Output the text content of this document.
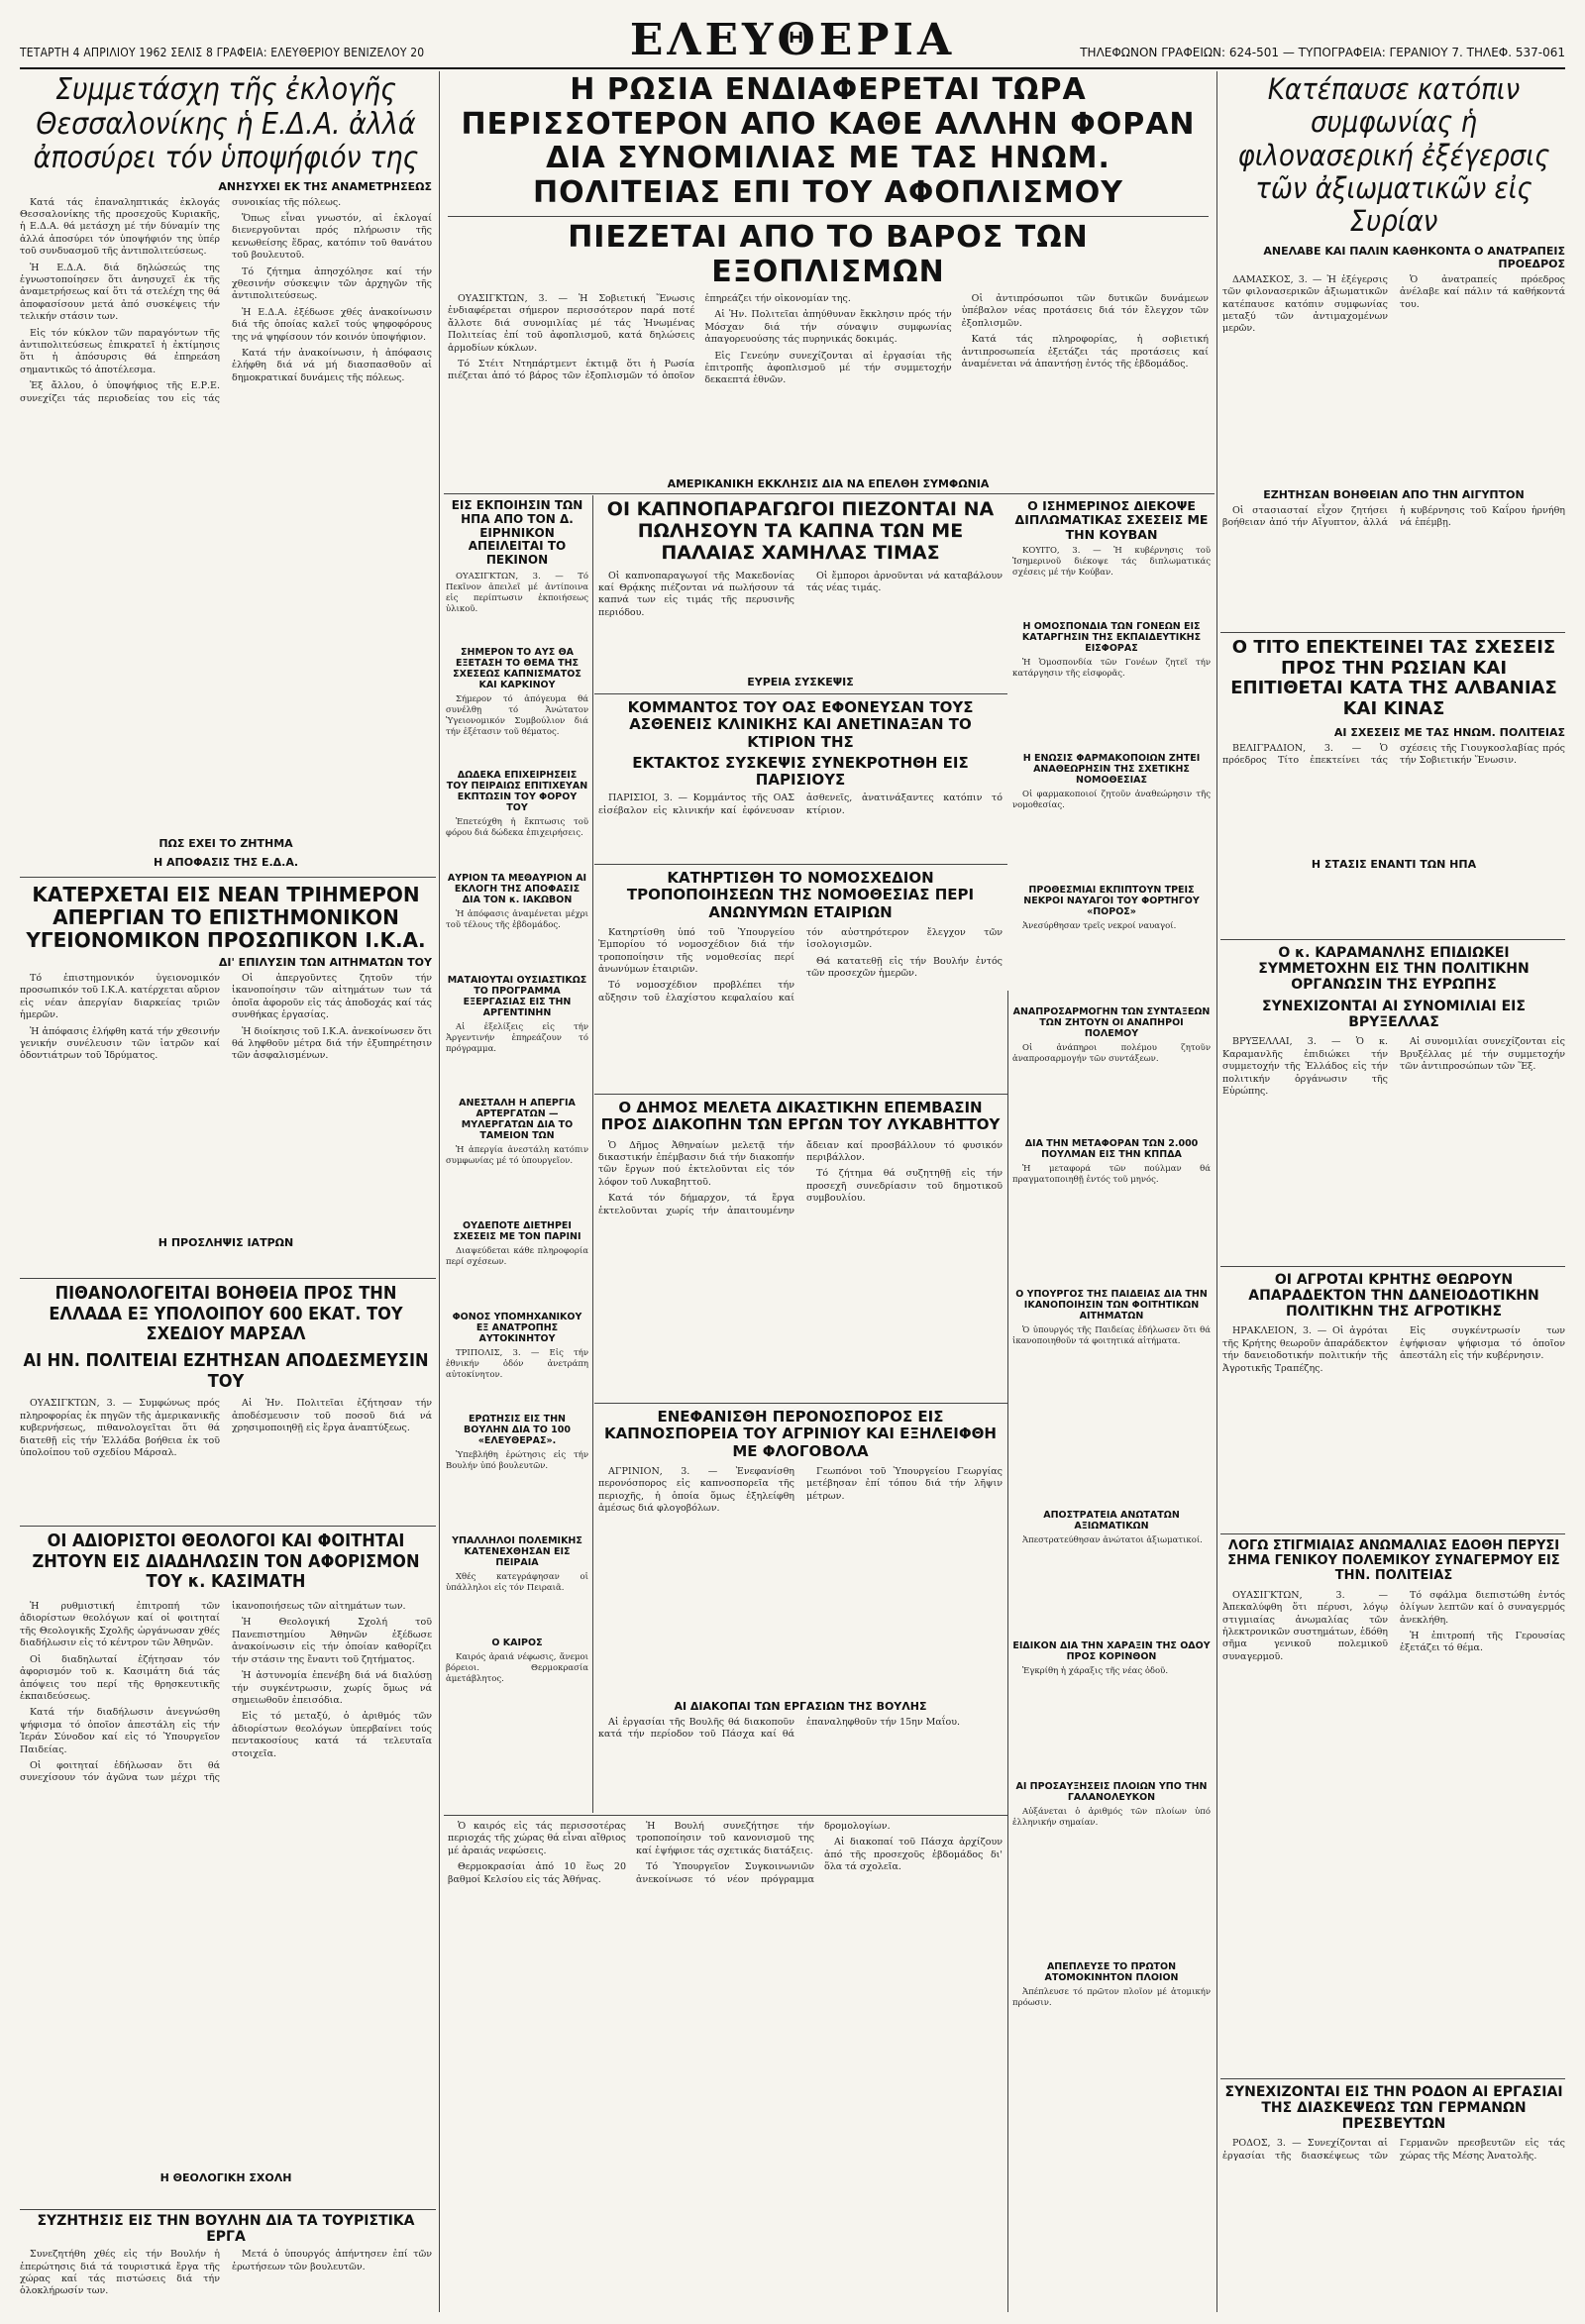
ΤΕΤΑΡΤΗ 4 ΑΠΡΙΛΙΟΥ 1962 ΣΕΛΙΣ 8 ΓΡΑΦΕΙΑ: ΕΛΕΥΘΕΡΙΟΥ ΒΕΝΙΖΕΛΟΥ 20	ΕΛΕΥΘΕΡΙΑ	ΤΗΛΕΦΩΝΟΝ ΓΡΑΦΕΙΩΝ: 624-501 — ΤΥΠΟΓΡΑΦΕΙΑ: ΓΕΡΑΝΙΟΥ 7. ΤΗΛΕΦ. 537-061
Συμμετάσχη τῆς ἐκλογῆς Θεσσαλονίκης ἡ Ε.Δ.Α. ἀλλά ἀποσύρει τόν ὑποψήφιόν της
ΑΝΗΣΥΧΕΙ ΕΚ ΤΗΣ ΑΝΑΜΕΤΡΗΣΕΩΣ

Κατά τάς ἐπαναληπτικάς ἐκλογάς Θεσσαλονίκης τῆς προσεχοῦς Κυριακῆς, ἡ Ε.Δ.Α. θά μετάσχη μέ τήν δύναμίν της ἀλλά ἀποσύρει τόν ὑποψήφιόν της ὑπέρ τοῦ συνδυασμοῦ τῆς ἀντιπολιτεύσεως.

Ἡ Ε.Δ.Α. διά δηλώσεώς της ἐγνωστοποίησεν ὅτι ἀνησυχεῖ ἐκ τῆς ἀναμετρήσεως καί ὅτι τά στελέχη της θά ἀποφασίσουν μετά ἀπό συσκέψεις τήν τελικήν στάσιν των.

Εἰς τόν κύκλον τῶν παραγόντων τῆς ἀντιπολιτεύσεως ἐπικρατεῖ ἡ ἐκτίμησις ὅτι ἡ ἀπόσυρσις θά ἐπηρεάση σημαντικῶς τό ἀποτέλεσμα.

Ἐξ ἄλλου, ὁ ὑποψήφιος τῆς Ε.Ρ.Ε. συνεχίζει τάς περιοδείας του εἰς τάς συνοικίας τῆς πόλεως.

Ὅπως εἶναι γνωστόν, αἱ ἐκλογαί διενεργοῦνται πρός πλήρωσιν τῆς κενωθείσης ἕδρας, κατόπιν τοῦ θανάτου τοῦ βουλευτοῦ.

Τό ζήτημα ἀπησχόλησε καί τήν χθεσινήν σύσκεψιν τῶν ἀρχηγῶν τῆς ἀντιπολιτεύσεως.

Ἡ Ε.Δ.Α. ἐξέδωσε χθές ἀνακοίνωσιν διά τῆς ὁποίας καλεῖ τούς ψηφοφόρους της νά ψηφίσουν τόν κοινόν ὑποψήφιον.

Κατά τήν ἀνακοίνωσιν, ἡ ἀπόφασις ἐλήφθη διά νά μή διασπασθοῦν αἱ δημοκρατικαί δυνάμεις τῆς πόλεως.

ΠΩΣ ΕΧΕΙ ΤΟ ΖΗΤΗΜΑ
Η ΑΠΟΦΑΣΙΣ ΤΗΣ Ε.Δ.Α.
ΚΑΤΕΡΧΕΤΑΙ ΕΙΣ ΝΕΑΝ ΤΡΙΗΜΕΡΟΝ ΑΠΕΡΓΙΑΝ ΤΟ ΕΠΙΣΤΗΜΟΝΙΚΟΝ ΥΓΕΙΟΝΟΜΙΚΟΝ ΠΡΟΣΩΠΙΚΟΝ Ι.Κ.Α.
ΔΙ' ΕΠΙΛΥΣΙΝ ΤΩΝ ΑΙΤΗΜΑΤΩΝ ΤΟΥ

Τό ἐπιστημονικόν ὑγειονομικόν προσωπικόν τοῦ Ι.Κ.Α. κατέρχεται αὔριον εἰς νέαν ἀπεργίαν διαρκείας τριῶν ἡμερῶν.

Ἡ ἀπόφασις ἐλήφθη κατά τήν χθεσινήν γενικήν συνέλευσιν τῶν ἰατρῶν καί ὀδοντιάτρων τοῦ Ἱδρύματος.

Οἱ ἀπεργοῦντες ζητοῦν τήν ἱκανοποίησιν τῶν αἰτημάτων των τά ὁποῖα ἀφοροῦν εἰς τάς ἀποδοχάς καί τάς συνθήκας ἐργασίας.

Ἡ διοίκησις τοῦ Ι.Κ.Α. ἀνεκοίνωσεν ὅτι θά ληφθοῦν μέτρα διά τήν ἐξυπηρέτησιν τῶν ἀσφαλισμένων.

Η ΠΡΟΣΛΗΨΙΣ ΙΑΤΡΩΝ
ΠΙΘΑΝΟΛΟΓΕΙΤΑΙ ΒΟΗΘΕΙΑ ΠΡΟΣ ΤΗΝ ΕΛΛΑΔΑ ΕΞ ΥΠΟΛΟΙΠΟΥ 600 ΕΚΑΤ. ΤΟΥ ΣΧΕΔΙΟΥ ΜΑΡΣΑΛ
ΑΙ ΗΝ. ΠΟΛΙΤΕΙΑΙ ΕΖΗΤΗΣΑΝ ΑΠΟΔΕΣΜΕΥΣΙΝ ΤΟΥ

ΟΥΑΣΙΓΚΤΩΝ, 3. — Συμφώνως πρός πληροφορίας ἐκ πηγῶν τῆς ἀμερικανικῆς κυβερνήσεως, πιθανολογεῖται ὅτι θά διατεθῇ εἰς τήν Ἑλλάδα βοήθεια ἐκ τοῦ ὑπολοίπου τοῦ σχεδίου Μάρσαλ.

Αἱ Ἡν. Πολιτεῖαι ἐζήτησαν τήν ἀποδέσμευσιν τοῦ ποσοῦ διά νά χρησιμοποιηθῇ εἰς ἔργα ἀναπτύξεως.

ΟΙ ΑΔΙΟΡΙΣΤΟΙ ΘΕΟΛΟΓΟΙ ΚΑΙ ΦΟΙΤΗΤΑΙ ΖΗΤΟΥΝ ΕΙΣ ΔΙΑΔΗΛΩΣΙΝ ΤΟΝ ΑΦΟΡΙΣΜΟΝ ΤΟΥ κ. ΚΑΣΙΜΑΤΗ

Ἡ ρυθμιστική ἐπιτροπή τῶν ἀδιορίστων θεολόγων καί οἱ φοιτηταί τῆς Θεολογικῆς Σχολῆς ὠργάνωσαν χθές διαδήλωσιν εἰς τό κέντρον τῶν Ἀθηνῶν.

Οἱ διαδηλωταί ἐζήτησαν τόν ἀφορισμόν τοῦ κ. Κασιμάτη διά τάς ἀπόψεις του περί τῆς θρησκευτικῆς ἐκπαιδεύσεως.

Κατά τήν διαδήλωσιν ἀνεγνώσθη ψήφισμα τό ὁποῖον ἀπεστάλη εἰς τήν Ἱεράν Σύνοδον καί εἰς τό Ὑπουργεῖον Παιδείας.

Οἱ φοιτηταί ἐδήλωσαν ὅτι θά συνεχίσουν τόν ἀγῶνα των μέχρι τῆς ἱκανοποιήσεως τῶν αἰτημάτων των.

Ἡ Θεολογική Σχολή τοῦ Πανεπιστημίου Ἀθηνῶν ἐξέδωσε ἀνακοίνωσιν εἰς τήν ὁποίαν καθορίζει τήν στάσιν της ἔναντι τοῦ ζητήματος.

Ἡ ἀστυνομία ἐπενέβη διά νά διαλύσῃ τήν συγκέντρωσιν, χωρίς ὅμως νά σημειωθοῦν ἐπεισόδια.

Εἰς τό μεταξύ, ὁ ἀριθμός τῶν ἀδιορίστων θεολόγων ὑπερβαίνει τούς πεντακοσίους κατά τά τελευταῖα στοιχεῖα.

Η ΘΕΟΛΟΓΙΚΗ ΣΧΟΛΗ
ΣΥΖΗΤΗΣΙΣ ΕΙΣ ΤΗΝ ΒΟΥΛΗΝ ΔΙΑ ΤΑ ΤΟΥΡΙΣΤΙΚΑ ΕΡΓΑ

Συνεζητήθη χθές εἰς τήν Βουλήν ἡ ἐπερώτησις διά τά τουριστικά ἔργα τῆς χώρας καί τάς πιστώσεις διά τήν ὁλοκλήρωσίν των.

Μετά ὁ ὑπουργός ἀπήντησεν ἐπί τῶν ἐρωτήσεων τῶν βουλευτῶν.

Η ΡΩΣΙΑ ΕΝΔΙΑΦΕΡΕΤΑΙ ΤΩΡΑ ΠΕΡΙΣΣΟΤΕΡΟΝ ΑΠΟ ΚΑΘΕ ΑΛΛΗΝ ΦΟΡΑΝ ΔΙΑ ΣΥΝΟΜΙΛΙΑΣ ΜΕ ΤΑΣ ΗΝΩΜ. ΠΟΛΙΤΕΙΑΣ ΕΠΙ ΤΟΥ ΑΦΟΠΛΙΣΜΟΥ
ΠΙΕΖΕΤΑΙ ΑΠΟ ΤΟ ΒΑΡΟΣ ΤΩΝ ΕΞΟΠΛΙΣΜΩΝ

ΟΥΑΣΙΓΚΤΩΝ, 3. — Ἡ Σοβιετική Ἕνωσις ἐνδιαφέρεται σήμερον περισσότερον παρά ποτέ ἄλλοτε διά συνομιλίας μέ τάς Ἡνωμένας Πολιτείας ἐπί τοῦ ἀφοπλισμοῦ, κατά δηλώσεις ἁρμοδίων κύκλων.

Τό Στέιτ Ντηπάρτμεντ ἐκτιμᾷ ὅτι ἡ Ρωσία πιέζεται ἀπό τό βάρος τῶν ἐξοπλισμῶν τό ὁποῖον ἐπηρεάζει τήν οἰκονομίαν της.

Αἱ Ἡν. Πολιτεῖαι ἀπηύθυναν ἔκκλησιν πρός τήν Μόσχαν διά τήν σύναψιν συμφωνίας ἀπαγορευούσης τάς πυρηνικάς δοκιμάς.

Εἰς Γενεύην συνεχίζονται αἱ ἐργασίαι τῆς ἐπιτροπῆς ἀφοπλισμοῦ μέ τήν συμμετοχήν δεκαεπτά ἐθνῶν.

Οἱ ἀντιπρόσωποι τῶν δυτικῶν δυνάμεων ὑπέβαλον νέας προτάσεις διά τόν ἔλεγχον τῶν ἐξοπλισμῶν.

Κατά τάς πληροφορίας, ἡ σοβιετική ἀντιπροσωπεία ἐξετάζει τάς προτάσεις καί ἀναμένεται νά ἀπαντήσῃ ἐντός τῆς ἑβδομάδος.

ΑΜΕΡΙΚΑΝΙΚΗ ΕΚΚΛΗΣΙΣ ΔΙΑ ΝΑ ΕΠΕΛΘΗ ΣΥΜΦΩΝΙΑ
ΕΙΣ ΕΚΠΟΙΗΣΙΝ ΤΩΝ ΗΠΑ ΑΠΟ ΤΟΝ Δ. ΕΙΡΗΝΙΚΟΝ ΑΠΕΙΛΕΙΤΑΙ ΤΟ ΠΕΚΙΝΟΝ

ΟΥΑΣΙΓΚΤΩΝ, 3. — Τό Πεκῖνον ἀπειλεῖ μέ ἀντίποινα εἰς περίπτωσιν ἐκποιήσεως ὑλικοῦ.

ΣΗΜΕΡΟΝ ΤΟ ΑΥΣ ΘΑ ΕΞΕΤΑΣΗ ΤΟ ΘΕΜΑ ΤΗΣ ΣΧΕΣΕΩΣ ΚΑΠΝΙΣΜΑΤΟΣ ΚΑΙ ΚΑΡΚΙΝΟΥ

Σήμερον τό ἀπόγευμα θά συνέλθῃ τό Ἀνώτατον Ὑγειονομικόν Συμβούλιον διά τήν ἐξέτασιν τοῦ θέματος.

ΔΩΔΕΚΑ ΕΠΙΧΕΙΡΗΣΕΙΣ ΤΟΥ ΠΕΙΡΑΙΩΣ ΕΠΙΤΙΧΕΥΑΝ ΕΚΠΤΩΣΙΝ ΤΟΥ ΦΟΡΟΥ ΤΟΥ

Ἐπετεύχθη ἡ ἔκπτωσις τοῦ φόρου διά δώδεκα ἐπιχειρήσεις.

ΑΥΡΙΟΝ ΤΑ ΜΕΘΑΥΡΙΟΝ ΑΙ ΕΚΛΟΓΗ ΤΗΣ ΑΠΟΦΑΣΙΣ ΔΙΑ ΤΟΝ κ. ΙΑΚΩΒΟΝ

Ἡ ἀπόφασις ἀναμένεται μέχρι τοῦ τέλους τῆς ἑβδομάδος.

ΜΑΤΑΙΟΥΤΑΙ ΟΥΣΙΑΣΤΙΚΩΣ ΤΟ ΠΡΟΓΡΑΜΜΑ ΕΞΕΡΓΑΣΙΑΣ ΕΙΣ ΤΗΝ ΑΡΓΕΝΤΙΝΗΝ

Αἱ ἐξελίξεις εἰς τήν Ἀργεντινήν ἐπηρεάζουν τό πρόγραμμα.

ΑΝΕΣΤΑΛΗ Η ΑΠΕΡΓΙΑ ΑΡΤΕΡΓΑΤΩΝ — ΜΥΛΕΡΓΑΤΩΝ ΔΙΑ ΤΟ ΤΑΜΕΙΟΝ ΤΩΝ

Ἡ ἀπεργία ἀνεστάλη κατόπιν συμφωνίας μέ τό ὑπουργεῖον.

ΟΥΔΕΠΟΤΕ ΔΙΕΤΗΡΕΙ ΣΧΕΣΕΙΣ ΜΕ ΤΟΝ ΠΑΡΙΝΙ

Διαψεύδεται κάθε πληροφορία περί σχέσεων.

ΦΟΝΟΣ ΥΠΟΜΗΧΑΝΙΚΟΥ ΕΞ ΑΝΑΤΡΟΠΗΣ ΑΥΤΟΚΙΝΗΤΟΥ

ΤΡΙΠΟΛΙΣ, 3. — Εἰς τήν ἐθνικήν ὁδόν ἀνετράπη αὐτοκίνητον.

ΕΡΩΤΗΣΙΣ ΕΙΣ ΤΗΝ ΒΟΥΛΗΝ ΔΙΑ ΤΟ 100 «ΕΛΕΥΘΕΡΑΣ».

Ὑπεβλήθη ἐρώτησις εἰς τήν Βουλήν ὑπό βουλευτῶν.

ΥΠΑΛΛΗΛΟΙ ΠΟΛΕΜΙΚΗΣ ΚΑΤΕΝΕΧΘΗΣΑΝ ΕΙΣ ΠΕΙΡΑΙΑ

Χθές κατεγράφησαν οἱ ὑπάλληλοι εἰς τόν Πειραιᾶ.

Ο ΚΑΙΡΟΣ

Καιρός ἀραιά νέφωσις, ἄνεμοι βόρειοι. Θερμοκρασία ἀμετάβλητος.

ΟΙ ΚΑΠΝΟΠΑΡΑΓΩΓΟΙ ΠΙΕΖΟΝΤΑΙ ΝΑ ΠΩΛΗΣΟΥΝ ΤΑ ΚΑΠΝΑ ΤΩΝ ΜΕ ΠΑΛΑΙΑΣ ΧΑΜΗΛΑΣ ΤΙΜΑΣ

Οἱ καπνοπαραγωγοί τῆς Μακεδονίας καί Θρᾴκης πιέζονται νά πωλήσουν τά καπνά των εἰς τιμάς τῆς περυσινῆς περιόδου.

Οἱ ἔμποροι ἀρνοῦνται νά καταβάλουν τάς νέας τιμάς.

ΕΥΡΕΙΑ ΣΥΣΚΕΨΙΣ
ΚΟΜΜΑΝΤΟΣ ΤΟΥ ΟΑΣ ΕΦΟΝΕΥΣΑΝ ΤΟΥΣ ΑΣΘΕΝΕΙΣ ΚΛΙΝΙΚΗΣ ΚΑΙ ΑΝΕΤΙΝΑΞΑΝ ΤΟ ΚΤΙΡΙΟΝ ΤΗΣ
ΕΚΤΑΚΤΟΣ ΣΥΣΚΕΨΙΣ ΣΥΝΕΚΡΟΤΗΘΗ ΕΙΣ ΠΑΡΙΣΙΟΥΣ

ΠΑΡΙΣΙΟΙ, 3. — Κομμάντος τῆς ΟΑΣ εἰσέβαλον εἰς κλινικήν καί ἐφόνευσαν ἀσθενεῖς, ἀνατινάξαντες κατόπιν τό κτίριον.

ΚΑΤΗΡΤΙΣΘΗ ΤΟ ΝΟΜΟΣΧΕΔΙΟΝ ΤΡΟΠΟΠΟΙΗΣΕΩΝ ΤΗΣ ΝΟΜΟΘΕΣΙΑΣ ΠΕΡΙ ΑΝΩΝΥΜΩΝ ΕΤΑΙΡΙΩΝ

Κατηρτίσθη ὑπό τοῦ Ὑπουργείου Ἐμπορίου τό νομοσχέδιον διά τήν τροποποίησιν τῆς νομοθεσίας περί ἀνωνύμων ἑταιριῶν.

Τό νομοσχέδιον προβλέπει τήν αὔξησιν τοῦ ἐλαχίστου κεφαλαίου καί τόν αὐστηρότερον ἔλεγχον τῶν ἰσολογισμῶν.

Θά κατατεθῇ εἰς τήν Βουλήν ἐντός τῶν προσεχῶν ἡμερῶν.

Ο ΔΗΜΟΣ ΜΕΛΕΤΑ ΔΙΚΑΣΤΙΚΗΝ ΕΠΕΜΒΑΣΙΝ ΠΡΟΣ ΔΙΑΚΟΠΗΝ ΤΩΝ ΕΡΓΩΝ ΤΟΥ ΛΥΚΑΒΗΤΤΟΥ

Ὁ Δῆμος Ἀθηναίων μελετᾷ τήν δικαστικήν ἐπέμβασιν διά τήν διακοπήν τῶν ἔργων πού ἐκτελοῦνται εἰς τόν λόφον τοῦ Λυκαβηττοῦ.

Κατά τόν δήμαρχον, τά ἔργα ἐκτελοῦνται χωρίς τήν ἀπαιτουμένην ἄδειαν καί προσβάλλουν τό φυσικόν περιβάλλον.

Τό ζήτημα θά συζητηθῇ εἰς τήν προσεχῆ συνεδρίασιν τοῦ δημοτικοῦ συμβουλίου.

ΕΝΕΦΑΝΙΣΘΗ ΠΕΡΟΝΟΣΠΟΡΟΣ ΕΙΣ ΚΑΠΝΟΣΠΟΡΕΙΑ ΤΟΥ ΑΓΡΙΝΙΟΥ ΚΑΙ ΕΞΗΛΕΙΦΘΗ ΜΕ ΦΛΟΓΟΒΟΛΑ

ΑΓΡΙΝΙΟΝ, 3. — Ἐνεφανίσθη περονόσπορος εἰς καπνοσπορεῖα τῆς περιοχῆς, ἡ ὁποία ὅμως ἐξηλείφθη ἀμέσως διά φλογοβόλων.

Γεωπόνοι τοῦ Ὑπουργείου Γεωργίας μετέβησαν ἐπί τόπου διά τήν λῆψιν μέτρων.

ΑΙ ΔΙΑΚΟΠΑΙ ΤΩΝ ΕΡΓΑΣΙΩΝ ΤΗΣ ΒΟΥΛΗΣ

Αἱ ἐργασίαι τῆς Βουλῆς θά διακοποῦν κατά τήν περίοδον τοῦ Πάσχα καί θά ἐπαναληφθοῦν τήν 15ην Μαΐου.

Ὁ καιρός εἰς τάς περισσοτέρας περιοχάς τῆς χώρας θά εἶναι αἴθριος μέ ἀραιάς νεφώσεις.

Θερμοκρασίαι ἀπό 10 ἕως 20 βαθμοί Κελσίου εἰς τάς Ἀθήνας.

Ἡ Βουλή συνεζήτησε τήν τροποποίησιν τοῦ κανονισμοῦ της καί ἐψήφισε τάς σχετικάς διατάξεις.

Τό Ὑπουργεῖον Συγκοινωνιῶν ἀνεκοίνωσε τό νέον πρόγραμμα δρομολογίων.

Αἱ διακοπαί τοῦ Πάσχα ἀρχίζουν ἀπό τῆς προσεχοῦς ἑβδομάδος δι' ὅλα τά σχολεῖα.

Ο ΙΣΗΜΕΡΙΝΟΣ ΔΙΕΚΟΨΕ ΔΙΠΛΩΜΑΤΙΚΑΣ ΣΧΕΣΕΙΣ ΜΕ ΤΗΝ ΚΟΥΒΑΝ

ΚΟΥΙΤΟ, 3. — Ἡ κυβέρνησις τοῦ Ἰσημερινοῦ διέκοψε τάς διπλωματικάς σχέσεις μέ τήν Κούβαν.

Η ΟΜΟΣΠΟΝΔΙΑ ΤΩΝ ΓΟΝΕΩΝ ΕΙΣ ΚΑΤΑΡΓΗΣΙΝ ΤΗΣ ΕΚΠΑΙΔΕΥΤΙΚΗΣ ΕΙΣΦΟΡΑΣ

Ἡ Ὁμοσπονδία τῶν Γονέων ζητεῖ τήν κατάργησιν τῆς εἰσφορᾶς.

Η ΕΝΩΣΙΣ ΦΑΡΜΑΚΟΠΟΙΩΝ ΖΗΤΕΙ ΑΝΑΘΕΩΡΗΣΙΝ ΤΗΣ ΣΧΕΤΙΚΗΣ ΝΟΜΟΘΕΣΙΑΣ

Οἱ φαρμακοποιοί ζητοῦν ἀναθεώρησιν τῆς νομοθεσίας.

ΠΡΟΘΕΣΜΙΑΙ ΕΚΠΙΠΤΟΥΝ ΤΡΕΙΣ ΝΕΚΡΟΙ ΝΑΥΑΓΟΙ ΤΟΥ ΦΟΡΤΗΓΟΥ «ΠΟΡΟΣ»

Ἀνεσύρθησαν τρεῖς νεκροί ναυαγοί.

ΑΝΑΠΡΟΣΑΡΜΟΓΗΝ ΤΩΝ ΣΥΝΤΑΞΕΩΝ ΤΩΝ ΖΗΤΟΥΝ ΟΙ ΑΝΑΠΗΡΟΙ ΠΟΛΕΜΟΥ

Οἱ ἀνάπηροι πολέμου ζητοῦν ἀναπροσαρμογήν τῶν συντάξεων.

ΔΙΑ ΤΗΝ ΜΕΤΑΦΟΡΑΝ ΤΩΝ 2.000 ΠΟΥΛΜΑΝ ΕΙΣ ΤΗΝ ΚΠΠΔΑ

Ἡ μεταφορά τῶν πούλμαν θά πραγματοποιηθῇ ἐντός τοῦ μηνός.

Ο ΥΠΟΥΡΓΟΣ ΤΗΣ ΠΑΙΔΕΙΑΣ ΔΙΑ ΤΗΝ ΙΚΑΝΟΠΟΙΗΣΙΝ ΤΩΝ ΦΟΙΤΗΤΙΚΩΝ ΑΙΤΗΜΑΤΩΝ

Ὁ ὑπουργός τῆς Παιδείας ἐδήλωσεν ὅτι θά ἱκανοποιηθοῦν τά φοιτητικά αἰτήματα.

ΑΠΟΣΤΡΑΤΕΙΑ ΑΝΩΤΑΤΩΝ ΑΞΙΩΜΑΤΙΚΩΝ

Ἀπεστρατεύθησαν ἀνώτατοι ἀξιωματικοί.

ΕΙΔΙΚΟΝ ΔΙΑ ΤΗΝ ΧΑΡΑΞΙΝ ΤΗΣ ΟΔΟΥ ΠΡΟΣ ΚΟΡΙΝΘΟΝ

Ἐγκρίθη ἡ χάραξις τῆς νέας ὁδοῦ.

ΑΙ ΠΡΟΣΑΥΞΗΣΕΙΣ ΠΛΟΙΩΝ ΥΠΟ ΤΗΝ ΓΑΛΑΝΟΛΕΥΚΟΝ

Αὐξάνεται ὁ ἀριθμός τῶν πλοίων ὑπό ἑλληνικήν σημαίαν.

ΑΠΕΠΛΕΥΣΕ ΤΟ ΠΡΩΤΟΝ ΑΤΟΜΟΚΙΝΗΤΟΝ ΠΛΟΙΟΝ

Ἀπέπλευσε τό πρῶτον πλοῖον μέ ἀτομικήν πρόωσιν.

Κατέπαυσε κατόπιν συμφωνίας ἡ φιλονασερική ἐξέγερσις τῶν ἀξιωματικῶν εἰς Συρίαν
ΑΝΕΛΑΒΕ ΚΑΙ ΠΑΛΙΝ ΚΑΘΗΚΟΝΤΑ Ο ΑΝΑΤΡΑΠΕΙΣ ΠΡΟΕΔΡΟΣ

ΔΑΜΑΣΚΟΣ, 3. — Ἡ ἐξέγερσις τῶν φιλονασερικῶν ἀξιωματικῶν κατέπαυσε κατόπιν συμφωνίας μεταξύ τῶν ἀντιμαχομένων μερῶν.

Ὁ ἀνατραπείς πρόεδρος ἀνέλαβε καί πάλιν τά καθήκοντά του.

ΕΖΗΤΗΣΑΝ ΒΟΗΘΕΙΑΝ ΑΠΟ ΤΗΝ ΑΙΓΥΠΤΟΝ

Οἱ στασιασταί εἶχον ζητήσει βοήθειαν ἀπό τήν Αἴγυπτον, ἀλλά ἡ κυβέρνησις τοῦ Καΐρου ἠρνήθη νά ἐπέμβῃ.

Ο ΤΙΤΟ ΕΠΕΚΤΕΙΝΕΙ ΤΑΣ ΣΧΕΣΕΙΣ ΠΡΟΣ ΤΗΝ ΡΩΣΙΑΝ ΚΑΙ ΕΠΙΤΙΘΕΤΑΙ ΚΑΤΑ ΤΗΣ ΑΛΒΑΝΙΑΣ ΚΑΙ ΚΙΝΑΣ
ΑΙ ΣΧΕΣΕΙΣ ΜΕ ΤΑΣ ΗΝΩΜ. ΠΟΛΙΤΕΙΑΣ

ΒΕΛΙΓΡΑΔΙΟΝ, 3. — Ὁ πρόεδρος Τίτο ἐπεκτείνει τάς σχέσεις τῆς Γιουγκοσλαβίας πρός τήν Σοβιετικήν Ἕνωσιν.

Η ΣΤΑΣΙΣ ΕΝΑΝΤΙ ΤΩΝ ΗΠΑ
Ο κ. ΚΑΡΑΜΑΝΛΗΣ ΕΠΙΔΙΩΚΕΙ ΣΥΜΜΕΤΟΧΗΝ ΕΙΣ ΤΗΝ ΠΟΛΙΤΙΚΗΝ ΟΡΓΑΝΩΣΙΝ ΤΗΣ ΕΥΡΩΠΗΣ
ΣΥΝΕΧΙΖΟΝΤΑΙ ΑΙ ΣΥΝΟΜΙΛΙΑΙ ΕΙΣ ΒΡΥΞΕΛΛΑΣ

ΒΡΥΞΕΛΛΑΙ, 3. — Ὁ κ. Καραμανλῆς ἐπιδιώκει τήν συμμετοχήν τῆς Ἑλλάδος εἰς τήν πολιτικήν ὀργάνωσιν τῆς Εὐρώπης.

Αἱ συνομιλίαι συνεχίζονται εἰς Βρυξέλλας μέ τήν συμμετοχήν τῶν ἀντιπροσώπων τῶν Ἕξ.

ΟΙ ΑΓΡΟΤΑΙ ΚΡΗΤΗΣ ΘΕΩΡΟΥΝ ΑΠΑΡΑΔΕΚΤΟΝ ΤΗΝ ΔΑΝΕΙΟΔΟΤΙΚΗΝ ΠΟΛΙΤΙΚΗΝ ΤΗΣ ΑΓΡΟΤΙΚΗΣ

ΗΡΑΚΛΕΙΟΝ, 3. — Οἱ ἀγρόται τῆς Κρήτης θεωροῦν ἀπαράδεκτον τήν δανειοδοτικήν πολιτικήν τῆς Ἀγροτικῆς Τραπέζης.

Εἰς συγκέντρωσίν των ἐψήφισαν ψήφισμα τό ὁποῖον ἀπεστάλη εἰς τήν κυβέρνησιν.

ΛΟΓΩ ΣΤΙΓΜΙΑΙΑΣ ΑΝΩΜΑΛΙΑΣ ΕΔΟΘΗ ΠΕΡΥΣΙ ΣΗΜΑ ΓΕΝΙΚΟΥ ΠΟΛΕΜΙΚΟΥ ΣΥΝΑΓΕΡΜΟΥ ΕΙΣ ΤΗΝ. ΠΟΛΙΤΕΙΑΣ

ΟΥΑΣΙΓΚΤΩΝ, 3. — Ἀπεκαλύφθη ὅτι πέρυσι, λόγῳ στιγμιαίας ἀνωμαλίας τῶν ἠλεκτρονικῶν συστημάτων, ἐδόθη σῆμα γενικοῦ πολεμικοῦ συναγερμοῦ.

Τό σφάλμα διεπιστώθη ἐντός ὀλίγων λεπτῶν καί ὁ συναγερμός ἀνεκλήθη.

Ἡ ἐπιτροπή τῆς Γερουσίας ἐξετάζει τό θέμα.

ΣΥΝΕΧΙΖΟΝΤΑΙ ΕΙΣ ΤΗΝ ΡΟΔΟΝ ΑΙ ΕΡΓΑΣΙΑΙ ΤΗΣ ΔΙΑΣΚΕΨΕΩΣ ΤΩΝ ΓΕΡΜΑΝΩΝ ΠΡΕΣΒΕΥΤΩΝ

ΡΟΔΟΣ, 3. — Συνεχίζονται αἱ ἐργασίαι τῆς διασκέψεως τῶν Γερμανῶν πρεσβευτῶν εἰς τάς χώρας τῆς Μέσης Ἀνατολῆς.
